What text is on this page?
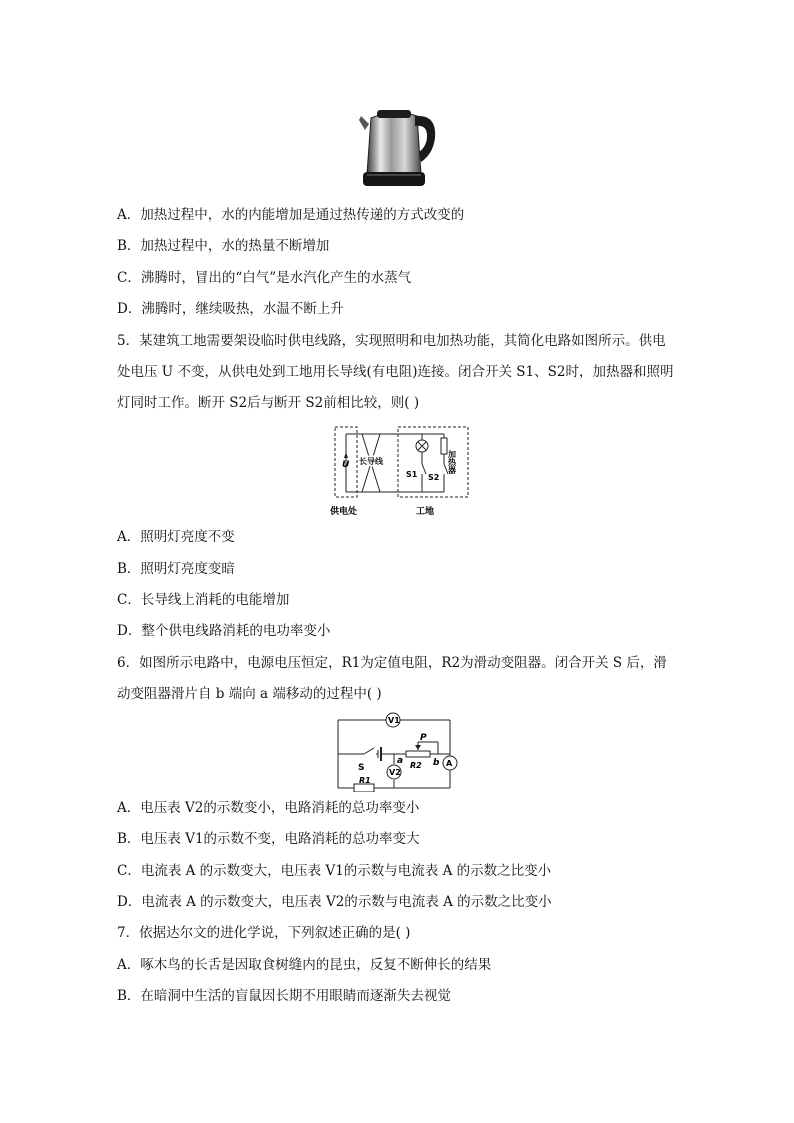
A．加热过程中，水的内能增加是通过热传递的方式改变的
B．加热过程中，水的热量不断增加
C．沸腾时，冒出的“白气”是水汽化产生的水蒸气
D．沸腾时，继续吸热，水温不断上升
5．某建筑工地需要架设临时供电线路，实现照明和电加热功能，其简化电路如图所示。供电
处电压 U 不变，从供电处到工地用长导线(有电阻)连接。闭合开关 S1、S2时，加热器和照明
灯同时工作。断开 S2后与断开 S2前相比较，则( )
U 长导线
S1 S2
加热器
供电处	工地
A．照明灯亮度不变
B．照明灯亮度变暗
C．长导线上消耗的电能增加
D．整个供电线路消耗的电功率变小
6．如图所示电路中，电源电压恒定，R1为定值电阻，R2为滑动变阻器。闭合开关 S 后，滑
动变阻器滑片自 b 端向 a 端移动的过程中( )
V1
V2
A
S
a	b
P
R1
R2
A．电压表 V2的示数变小，电路消耗的总功率变小
B．电压表 V1的示数不变，电路消耗的总功率变大
C．电流表 A 的示数变大，电压表 V1的示数与电流表 A 的示数之比变小
D．电流表 A 的示数变大，电压表 V2的示数与电流表 A 的示数之比变小
7．依据达尔文的进化学说，下列叙述正确的是( )
A．啄木鸟的长舌是因取食树缝内的昆虫，反复不断伸长的结果
B．在暗洞中生活的盲鼠因长期不用眼睛而逐渐失去视觉
